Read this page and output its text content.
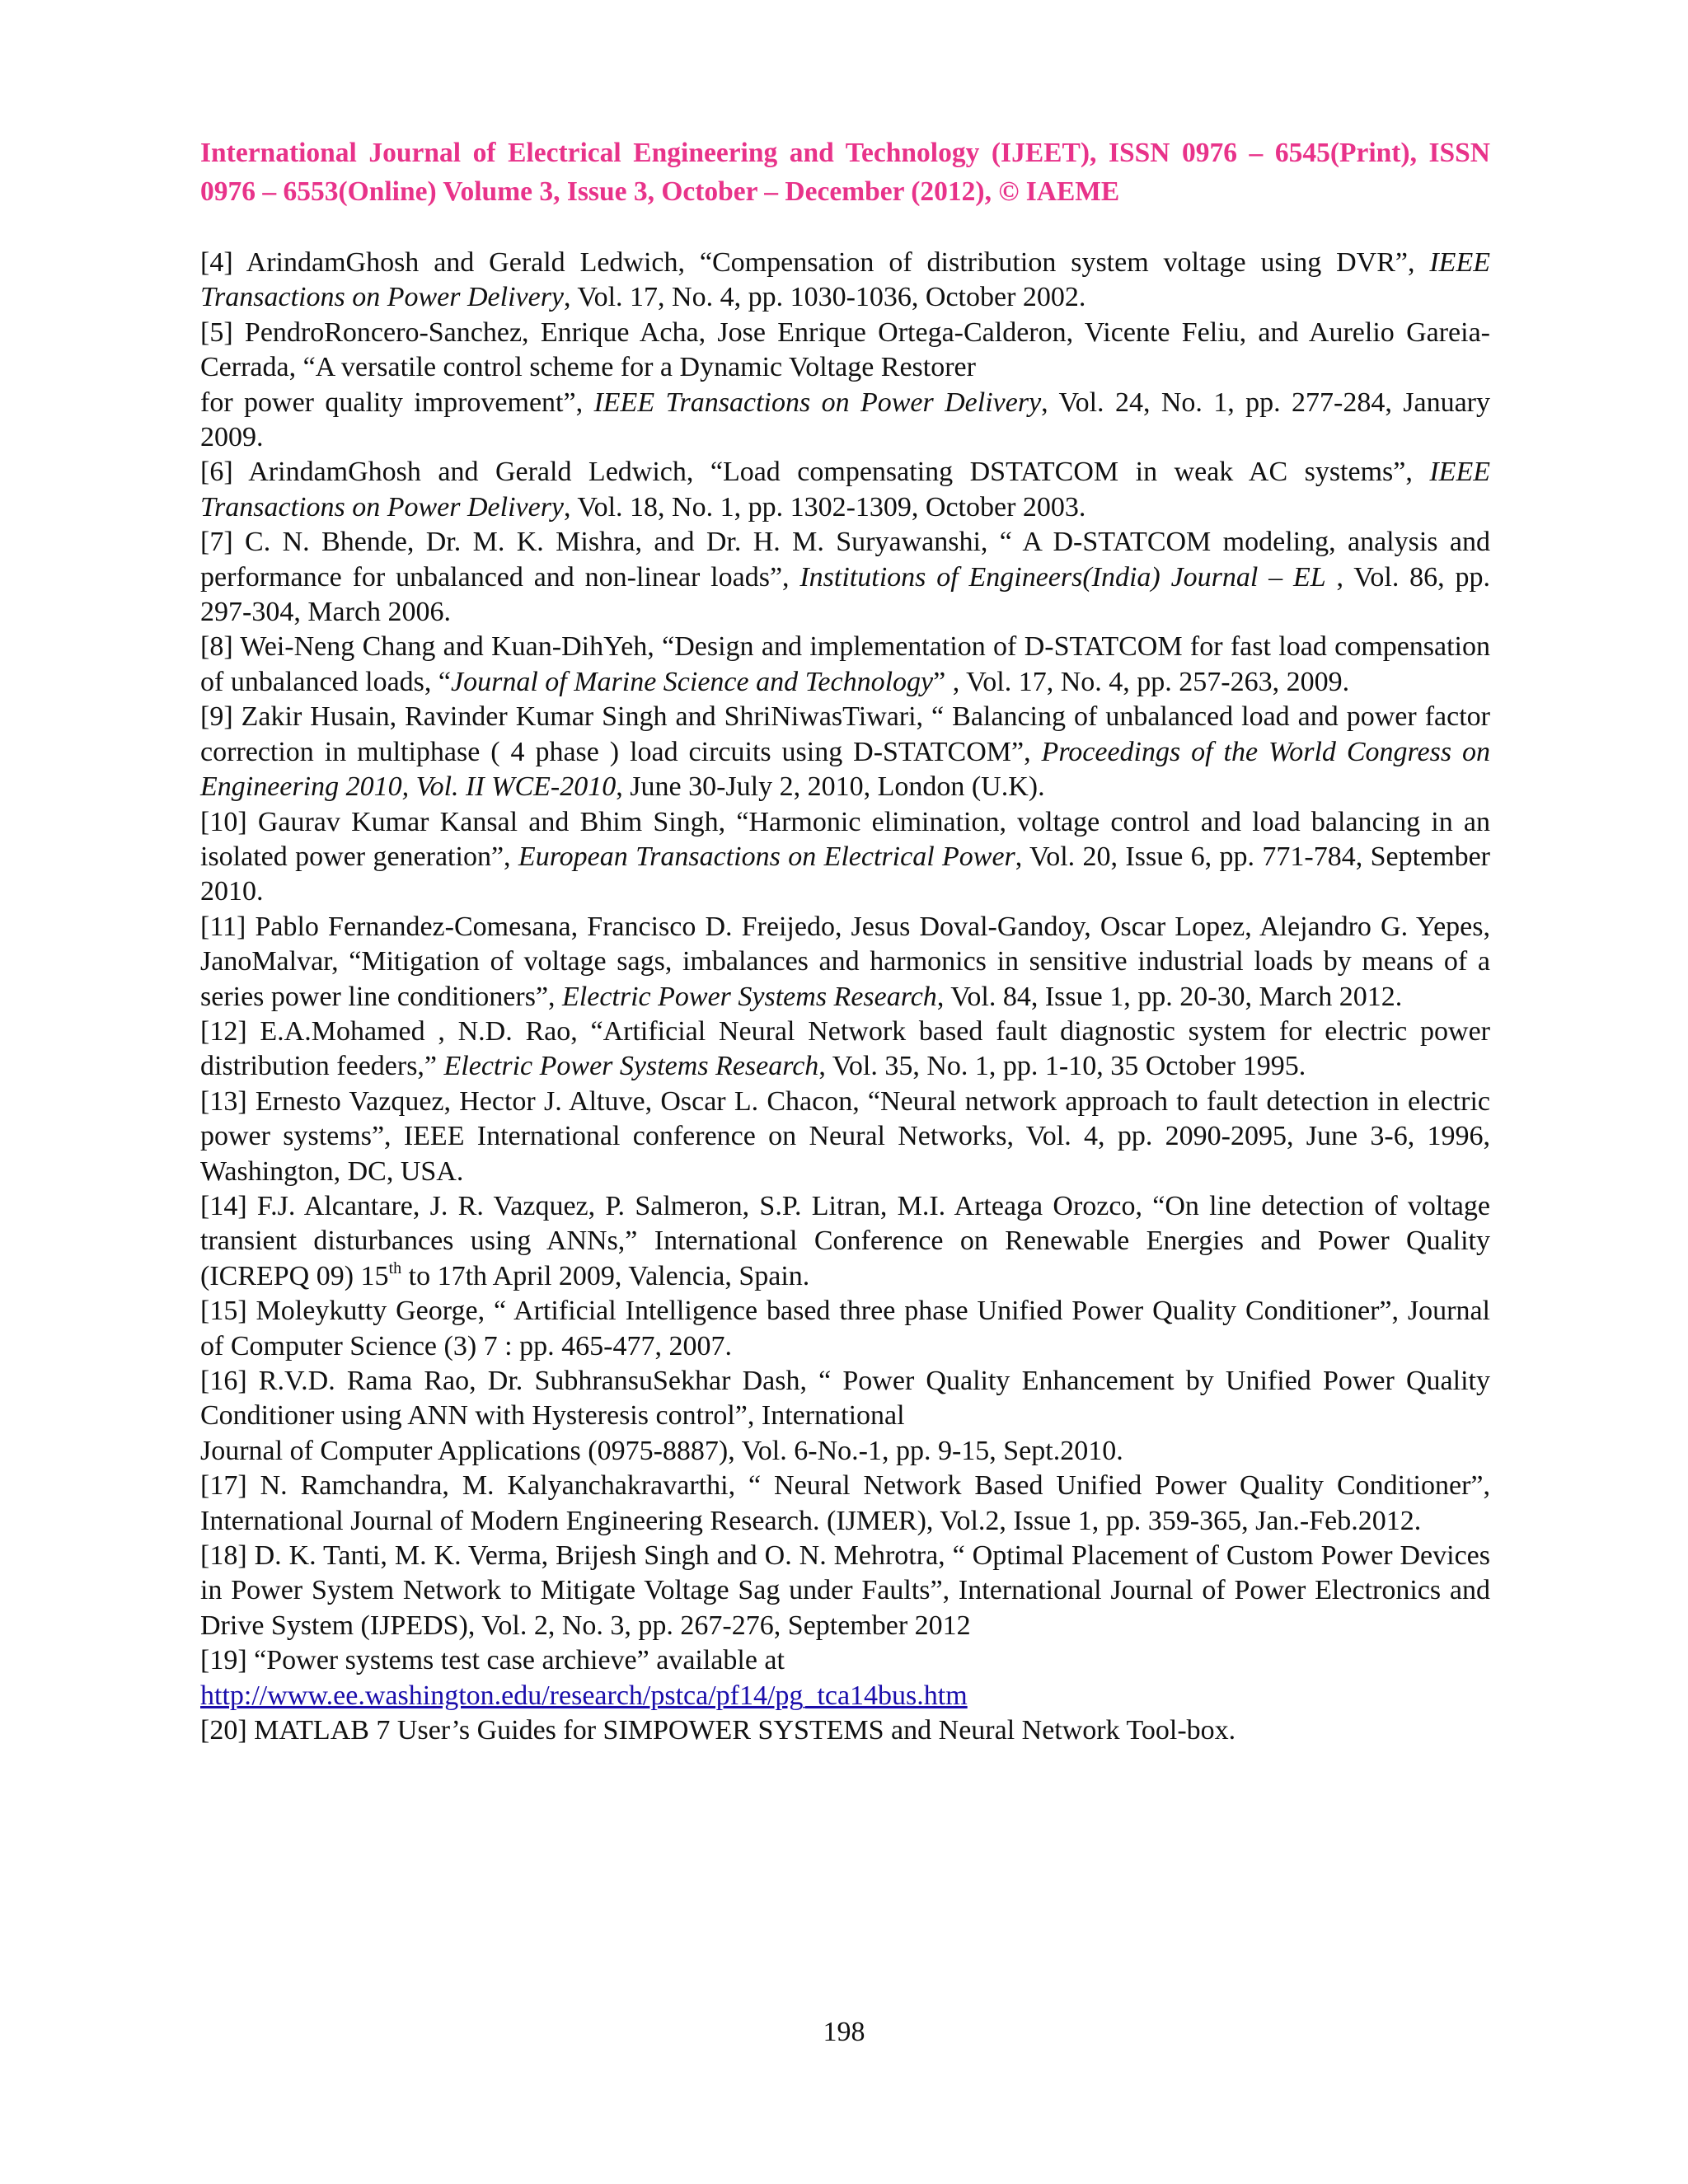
International Journal of Electrical Engineering and Technology (IJEET), ISSN 0976 – 6545(Print), ISSN 0976 – 6553(Online) Volume 3, Issue 3, October – December (2012), © IAEME

[4] ArindamGhosh and Gerald Ledwich, “Compensation of distribution system voltage using DVR”, IEEE Transactions on Power Delivery, Vol. 17, No. 4, pp. 1030-1036, October 2002.

[5] PendroRoncero-Sanchez, Enrique Acha, Jose Enrique Ortega-Calderon, Vicente Feliu, and Aurelio Gareia-Cerrada, “A versatile control scheme for a Dynamic Voltage Restorer
for power quality improvement”, IEEE Transactions on Power Delivery, Vol. 24, No. 1, pp. 277-284, January 2009.

[6] ArindamGhosh and Gerald Ledwich, “Load compensating DSTATCOM in weak AC systems”, IEEE Transactions on Power Delivery, Vol. 18, No. 1, pp. 1302-1309, October 2003.

[7] C. N. Bhende, Dr. M. K. Mishra, and Dr. H. M. Suryawanshi, “ A D-STATCOM modeling, analysis and performance for unbalanced and non-linear loads”, Institutions of Engineers(India) Journal – EL , Vol. 86, pp. 297-304, March 2006.

[8] Wei-Neng Chang and Kuan-DihYeh, “Design and implementation of D-STATCOM for fast load compensation of unbalanced loads, “Journal of Marine Science and Technology” , Vol. 17, No. 4, pp. 257-263, 2009.

[9] Zakir Husain, Ravinder Kumar Singh and ShriNiwasTiwari, “ Balancing of unbalanced load and power factor correction in multiphase ( 4 phase ) load circuits using D-STATCOM”, Proceedings of the World Congress on Engineering 2010, Vol. II WCE-2010, June 30-July 2, 2010, London (U.K).

[10] Gaurav Kumar Kansal and Bhim Singh, “Harmonic elimination, voltage control and load balancing in an isolated power generation”, European Transactions on Electrical Power, Vol. 20, Issue 6, pp. 771-784, September 2010.

[11] Pablo Fernandez-Comesana, Francisco D. Freijedo, Jesus Doval-Gandoy, Oscar Lopez, Alejandro G. Yepes, JanoMalvar, “Mitigation of voltage sags, imbalances and harmonics in sensitive industrial loads by means of a series power line conditioners”, Electric Power Systems Research, Vol. 84, Issue 1, pp. 20-30, March 2012.

[12] E.A.Mohamed , N.D. Rao, “Artificial Neural Network based fault diagnostic system for electric power distribution feeders,” Electric Power Systems Research, Vol. 35, No. 1, pp. 1-10, 35 October 1995.

[13] Ernesto Vazquez, Hector J. Altuve, Oscar L. Chacon, “Neural network approach to fault detection in electric power systems”, IEEE International conference on Neural Networks, Vol. 4, pp. 2090-2095, June 3-6, 1996, Washington, DC, USA.

[14] F.J. Alcantare, J. R. Vazquez, P. Salmeron, S.P. Litran, M.I. Arteaga Orozco, “On line detection of voltage transient disturbances using ANNs,” International Conference on Renewable Energies and Power Quality (ICREPQ 09) 15th to 17th April 2009, Valencia, Spain.

[15] Moleykutty George, “ Artificial Intelligence based three phase Unified Power Quality Conditioner”, Journal of Computer Science (3) 7 : pp. 465-477, 2007.

[16] R.V.D. Rama Rao, Dr. SubhransuSekhar Dash, “ Power Quality Enhancement by Unified Power Quality Conditioner using ANN with Hysteresis control”, International
Journal of Computer Applications (0975-8887), Vol. 6-No.-1, pp. 9-15, Sept.2010.

[17] N. Ramchandra, M. Kalyanchakravarthi, “ Neural Network Based Unified Power Quality Conditioner”, International Journal of Modern Engineering Research. (IJMER), Vol.2, Issue 1, pp. 359-365, Jan.-Feb.2012.

[18] D. K. Tanti, M. K. Verma, Brijesh Singh and O. N. Mehrotra, “ Optimal Placement of Custom Power Devices in Power System Network to Mitigate Voltage Sag under Faults”, International Journal of Power Electronics and Drive System (IJPEDS), Vol. 2, No. 3, pp. 267-276, September 2012

[19] “Power systems test case archieve” available at
http://www.ee.washington.edu/research/pstca/pf14/pg_tca14bus.htm

[20] MATLAB 7 User’s Guides for SIMPOWER SYSTEMS and Neural Network Tool-box.

198
